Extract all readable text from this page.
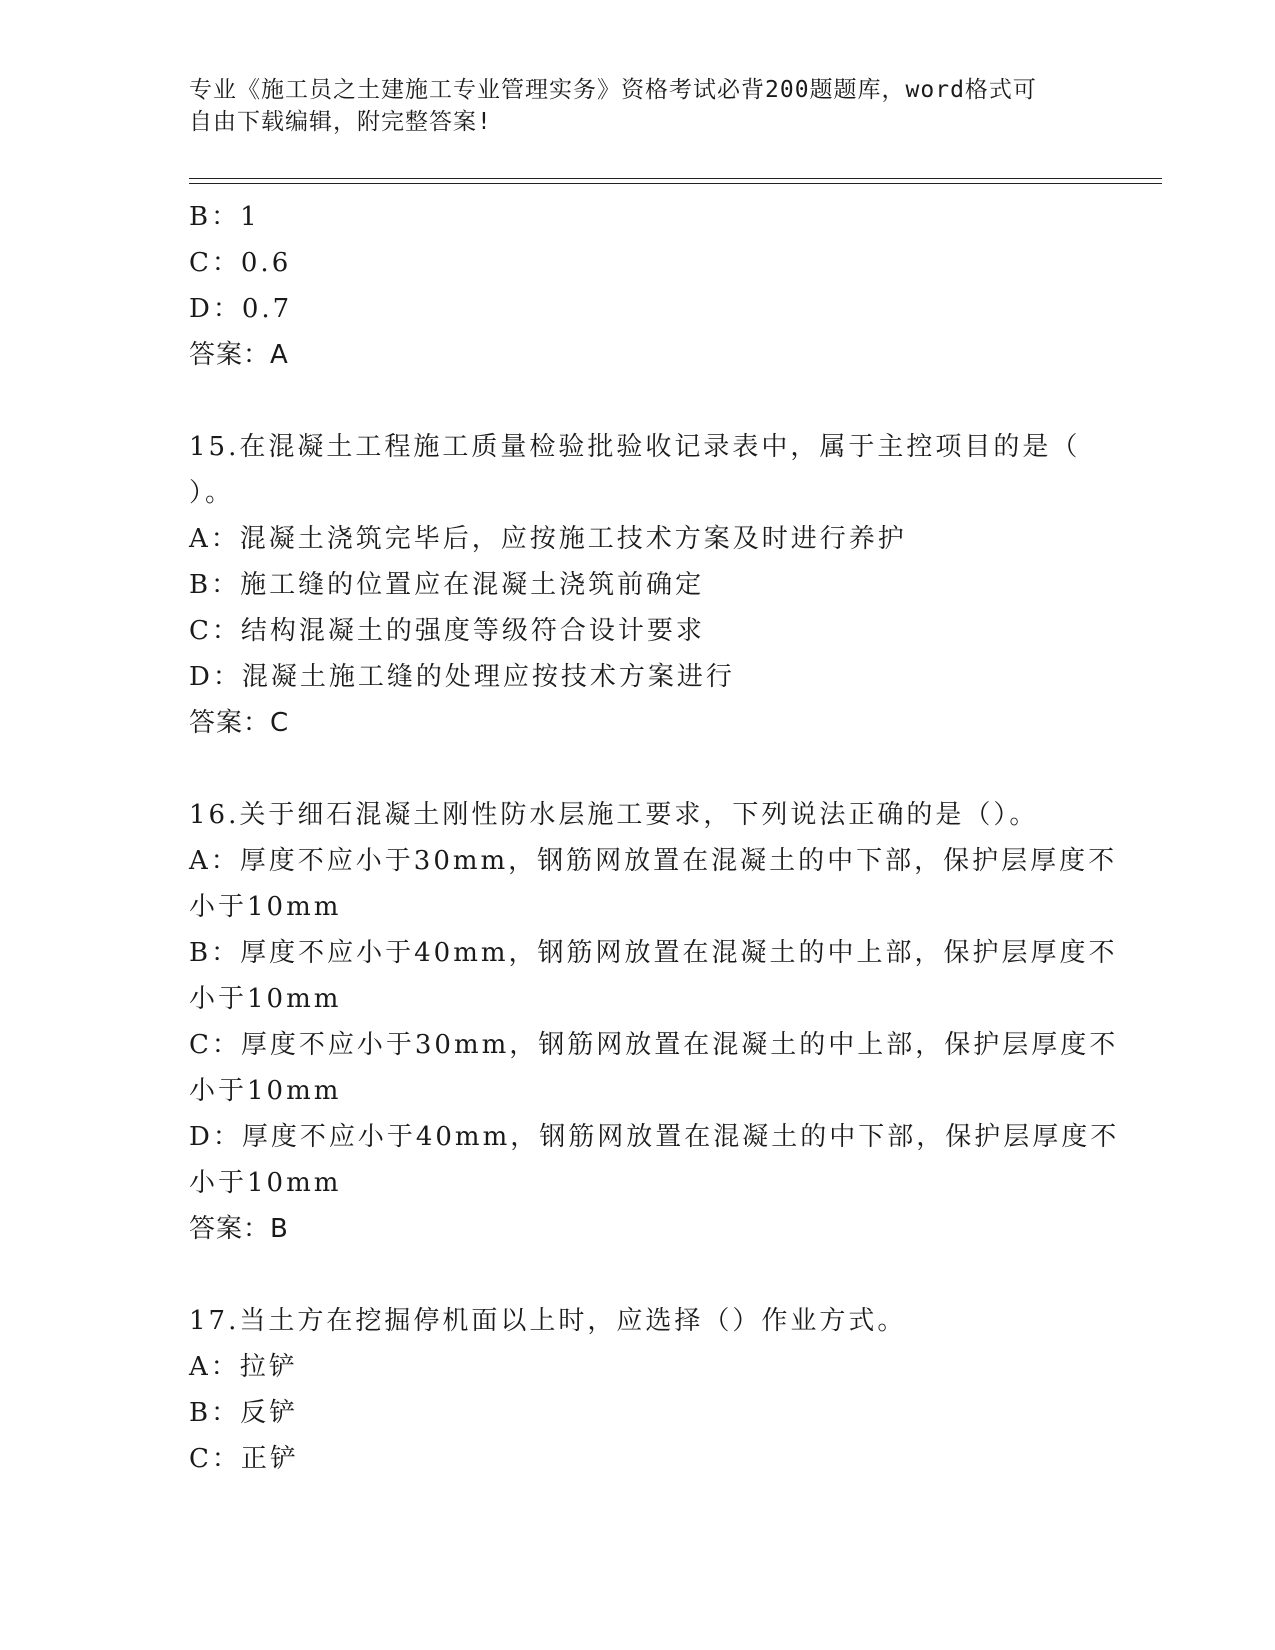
专业《施工员之土建施工专业管理实务》资格考试必背200题题库，word格式可
自由下载编辑，附完整答案!
B：1
C：0.6
D：0.7
答案：A
15.在混凝土工程施工质量检验批验收记录表中，属于主控项目的是（
）。
A：混凝土浇筑完毕后，应按施工技术方案及时进行养护
B：施工缝的位置应在混凝土浇筑前确定
C：结构混凝土的强度等级符合设计要求
D：混凝土施工缝的处理应按技术方案进行
答案：C
16.关于细石混凝土刚性防水层施工要求，下列说法正确的是（）。
A：厚度不应小于30mm，钢筋网放置在混凝土的中下部，保护层厚度不
小于10mm
B：厚度不应小于40mm，钢筋网放置在混凝土的中上部，保护层厚度不
小于10mm
C：厚度不应小于30mm，钢筋网放置在混凝土的中上部，保护层厚度不
小于10mm
D：厚度不应小于40mm，钢筋网放置在混凝土的中下部，保护层厚度不
小于10mm
答案：B
17.当土方在挖掘停机面以上时，应选择（）作业方式。
A：拉铲
B：反铲
C：正铲
